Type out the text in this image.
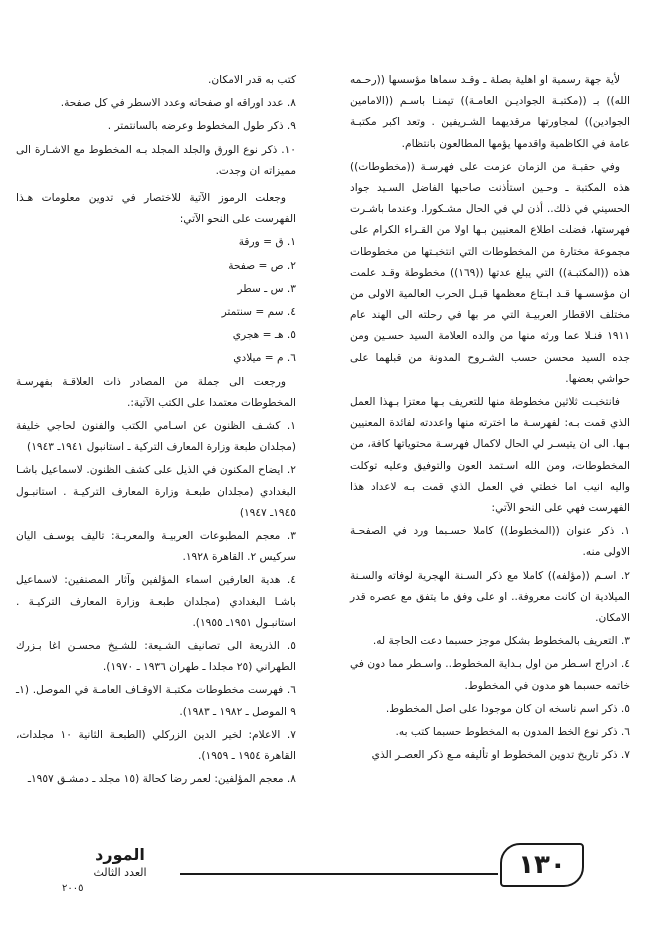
لأية جهة رسمية او اهلية بصلة ـ وقـد سماها مؤسسها ((رحـمه الله)) بـ ((مكتبـة الجواديـن العامـة)) تيمنـا باسـم ((الامامين الجوادين)) لمجاورتها مرقديهما الشـريفين . وتعد اكبر مكتبـة عامة في الكاظمية واقدمها يؤمها المطالعون بانتظام.

وفي حقبـة من الزمان عزمت على فهرسـة ((مخطوطات)) هذه المكتبة ـ وحـين استأذنت صاحبها الفاضل السـيد جواد الحسيني في ذلك.. أذن لي في الحال مشـكورا. وعندما باشـرت فهرستها، فضلت اطلاع المعنيين بـها اولا من القـراء الكرام على مجموعة مختارة من المخطوطات التي انتخبـتها من مخطوطات هذه ((المكتبـة)) التي يبلغ عدتها ((١٦٩)) مخطوطة وقـد علمت ان مؤسسـها قـد ابـتاع معظمها قبـل الحرب العالمية الاولى من مختلف الاقطار العربيـة التي مر بها في رحلته الى الهند عام ١٩١١ فنـلا عما ورثه منها من والده العلامة السيد حسـين ومن جده السيد محسن حسب الشـروح المدونة من قبلهما على حواشي بعضها.

فانتخبـت ثلاثين مخطوطة منها للتعريف بـها معتزا بـهذا العمل الذي قمت بـه: لفهرسـة ما اخترته منها واعددته لفائدة المعنيين بـها. الى ان يتيسـر لي الحال لاكمال فهرسـة محتوياتها كافة، من المخطوطات، ومن الله اسـتمد العون والتوفيق وعليه توكلت واليه انيب اما خطتي في العمل الذي قمت بـه لاعداد هذا الفهرست فهي على النحو الآتي:

١. ذكر عنوان ((المخطوط)) كاملا حسـبما ورد في الصفحـة الاولى منه.

٢. اسـم ((مؤلفه)) كاملا مع ذكر السـنة الهجرية لوفاته والسـنة الميلادية ان كانت معروفة.. او على وفق ما يتفق مع عصره قدر الامكان.

٣. التعريف بالمخطوط بشكل موجز حسبما دعت الحاجة له.

٤. ادراج اسـطر من اول بـداية المخطوط.. واسـطر مما دون في خاتمه حسبما هو مدون في المخطوط.

٥. ذكر اسم ناسخه ان كان موجودا على اصل المخطوط.

٦. ذكر نوع الخط المدون به المخطوط حسبما كتب به.

٧. ذكر تاريخ تدوين المخطوط او تأليفه مـع ذكر العصـر الذي

كتب به قدر الامكان.

٨. عدد اوراقه او صفحاته وعدد الاسطر في كل صفحة.

٩. ذكر طول المخطوط وعرضه بالسانتمتر .

١٠. ذكر نوع الورق والجلد المجلد بـه المخطوط مع الاشـارة الى مميزاته ان وجدت.

وجعلت الرموز الآتية للاختصار في تدوين معلومات هـذا الفهرست على النحو الآتي:

١. ق = ورقة

٢. ص = صفحة

٣. س ـ سطر

٤. سم = سنتمتر

٥. هـ = هجري

٦. م = ميلادي

ورجعت الى جملة من المصادر ذات العلاقـة بفهرسـة المخطوطات معتمدا على الكتب الآتية:.

١. كشـف الظنون عن اسـامي الكتب والفنون لحاجي خليفة (مجلدان طبعة وزارة المعارف التركية ـ استانبول ١٩٤١ـ ١٩٤٣)

٢. ايضاح المكنون في الذيل على كشف الظنون. لاسماعيل باشـا البغدادي (مجلدان طبعـة وزارة المعارف التركيـة . استانبـول ١٩٤٥ـ ١٩٤٧)

٣. معجم المطبوعات العربيـة والمعربـة: تاليف يوسـف اليان سركيس ٢. القاهرة ١٩٢٨.

٤. هدية العارفين اسماء المؤلفين وآثار المصنفين: لاسماعيل باشـا البغدادي (مجلدان طبعـة وزارة المعارف التركيـة . استانبـول ١٩٥١ـ ١٩٥٥).

٥. الذريعة الى تصانيف الشـيعة: للشـيخ محسـن اغا بـزرك الطهراني (٢٥ مجلدا ـ طهران ١٩٣٦ ـ ١٩٧٠).

٦. فهرست مخطوطات مكتبـة الاوقـاف العامـة في الموصل. (١ـ ٩ الموصل ـ ١٩٨٢ ـ ١٩٨٣).

٧. الاعلام: لخير الدين الزركلي (الطبعـة الثانية ١٠ مجلدات، القاهرة ١٩٥٤ ـ ١٩٥٩).

٨. معجم المؤلفين: لعمر رضا كحالة (١٥ مجلد ـ دمشـق ١٩٥٧ـ

١٣٠
المورد
العدد الثالث
٢٠٠٥
